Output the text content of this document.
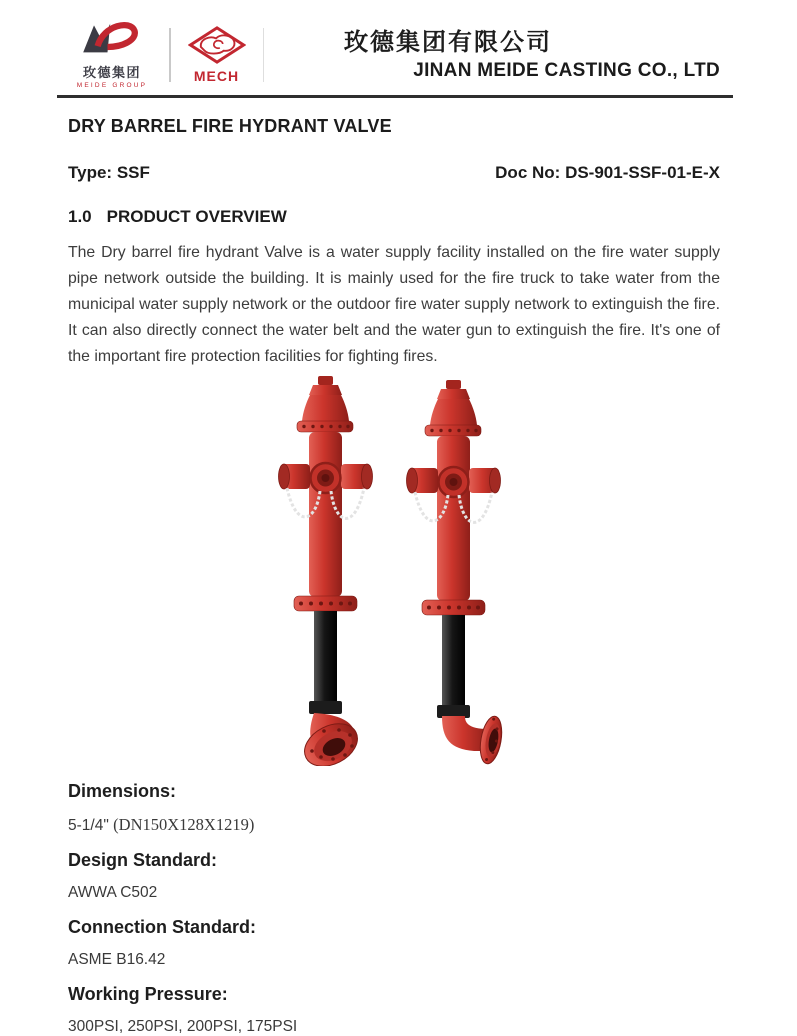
玫德集团
MEIDE GROUP
MECH
玫德集团有限公司
JINAN MEIDE CASTING CO., LTD
DRY BARREL FIRE HYDRANT VALVE
Type: SSF	Doc No: DS-901-SSF-01-E-X
1.0 PRODUCT OVERVIEW

The Dry barrel fire hydrant Valve is a water supply facility installed on the fire water supply pipe network outside the building. It is mainly used for the fire truck to take water from the municipal water supply network or the outdoor fire water supply network to extinguish the fire. It can also directly connect the water belt and the water gun to extinguish the fire. It's one of the important fire protection facilities for fighting fires.

Dimensions:
5-1/4" (DN150X128X1219)
Design Standard:
AWWA C502
Connection Standard:
ASME B16.42
Working Pressure:
300PSI, 250PSI, 200PSI, 175PSI
